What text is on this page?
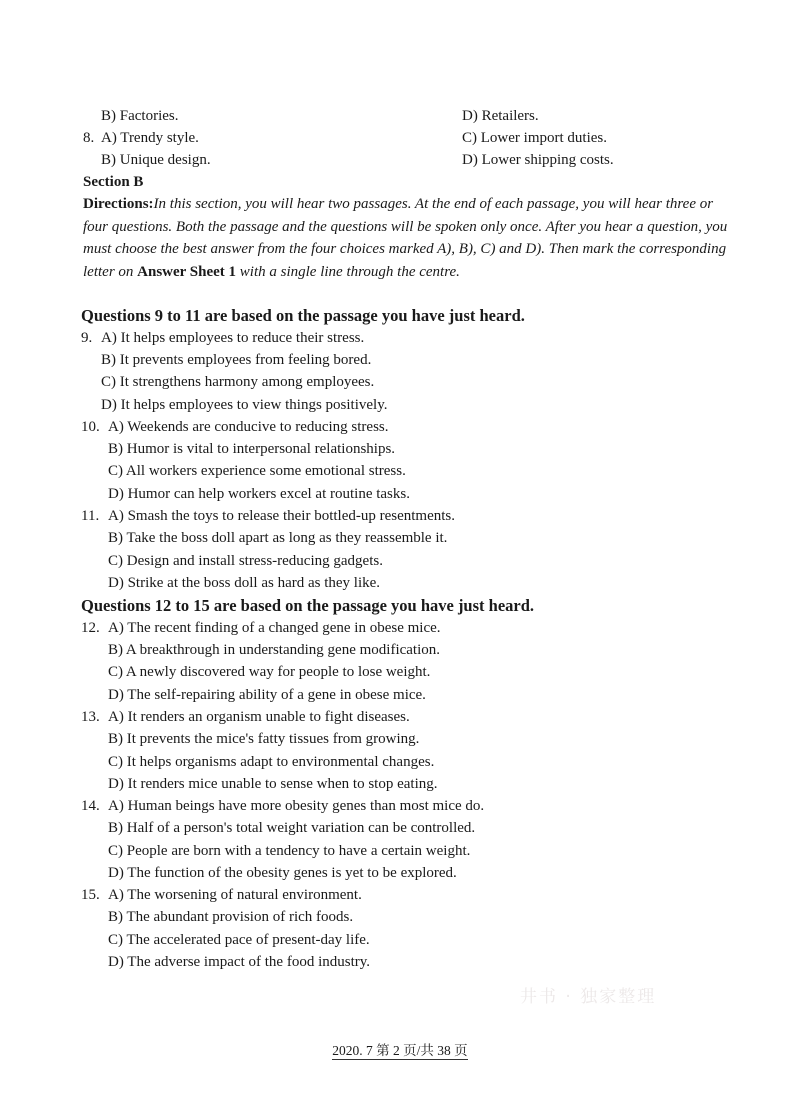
B) Factories.	D) Retailers.
8. A) Trendy style.	C) Lower import duties.
B) Unique design.	D) Lower shipping costs.
Section B
Directions:In this section, you will hear two passages. At the end of each passage, you will hear three or four questions. Both the passage and the questions will be spoken only once. After you hear a question, you must choose the best answer from the four choices marked A), B), C) and D). Then mark the corresponding letter on Answer Sheet 1 with a single line through the centre.
Questions 9 to 11 are based on the passage you have just heard.
9. A) It helps employees to reduce their stress.
B) It prevents employees from feeling bored.
C) It strengthens harmony among employees.
D) It helps employees to view things positively.
10. A) Weekends are conducive to reducing stress.
B) Humor is vital to interpersonal relationships.
C) All workers experience some emotional stress.
D) Humor can help workers excel at routine tasks.
11. A) Smash the toys to release their bottled-up resentments.
B) Take the boss doll apart as long as they reassemble it.
C) Design and install stress-reducing gadgets.
D) Strike at the boss doll as hard as they like.
Questions 12 to 15 are based on the passage you have just heard.
12. A) The recent finding of a changed gene in obese mice.
B) A breakthrough in understanding gene modification.
C) A newly discovered way for people to lose weight.
D) The self-repairing ability of a gene in obese mice.
13. A) It renders an organism unable to fight diseases.
B) It prevents the mice's fatty tissues from growing.
C) It helps organisms adapt to environmental changes.
D) It renders mice unable to sense when to stop eating.
14. A) Human beings have more obesity genes than most mice do.
B) Half of a person's total weight variation can be controlled.
C) People are born with a tendency to have a certain weight.
D) The function of the obesity genes is yet to be explored.
15. A) The worsening of natural environment.
B) The abundant provision of rich foods.
C) The accelerated pace of present-day life.
D) The adverse impact of the food industry.
井书 · 独家整理
2020. 7 第 2 页/共 38 页
